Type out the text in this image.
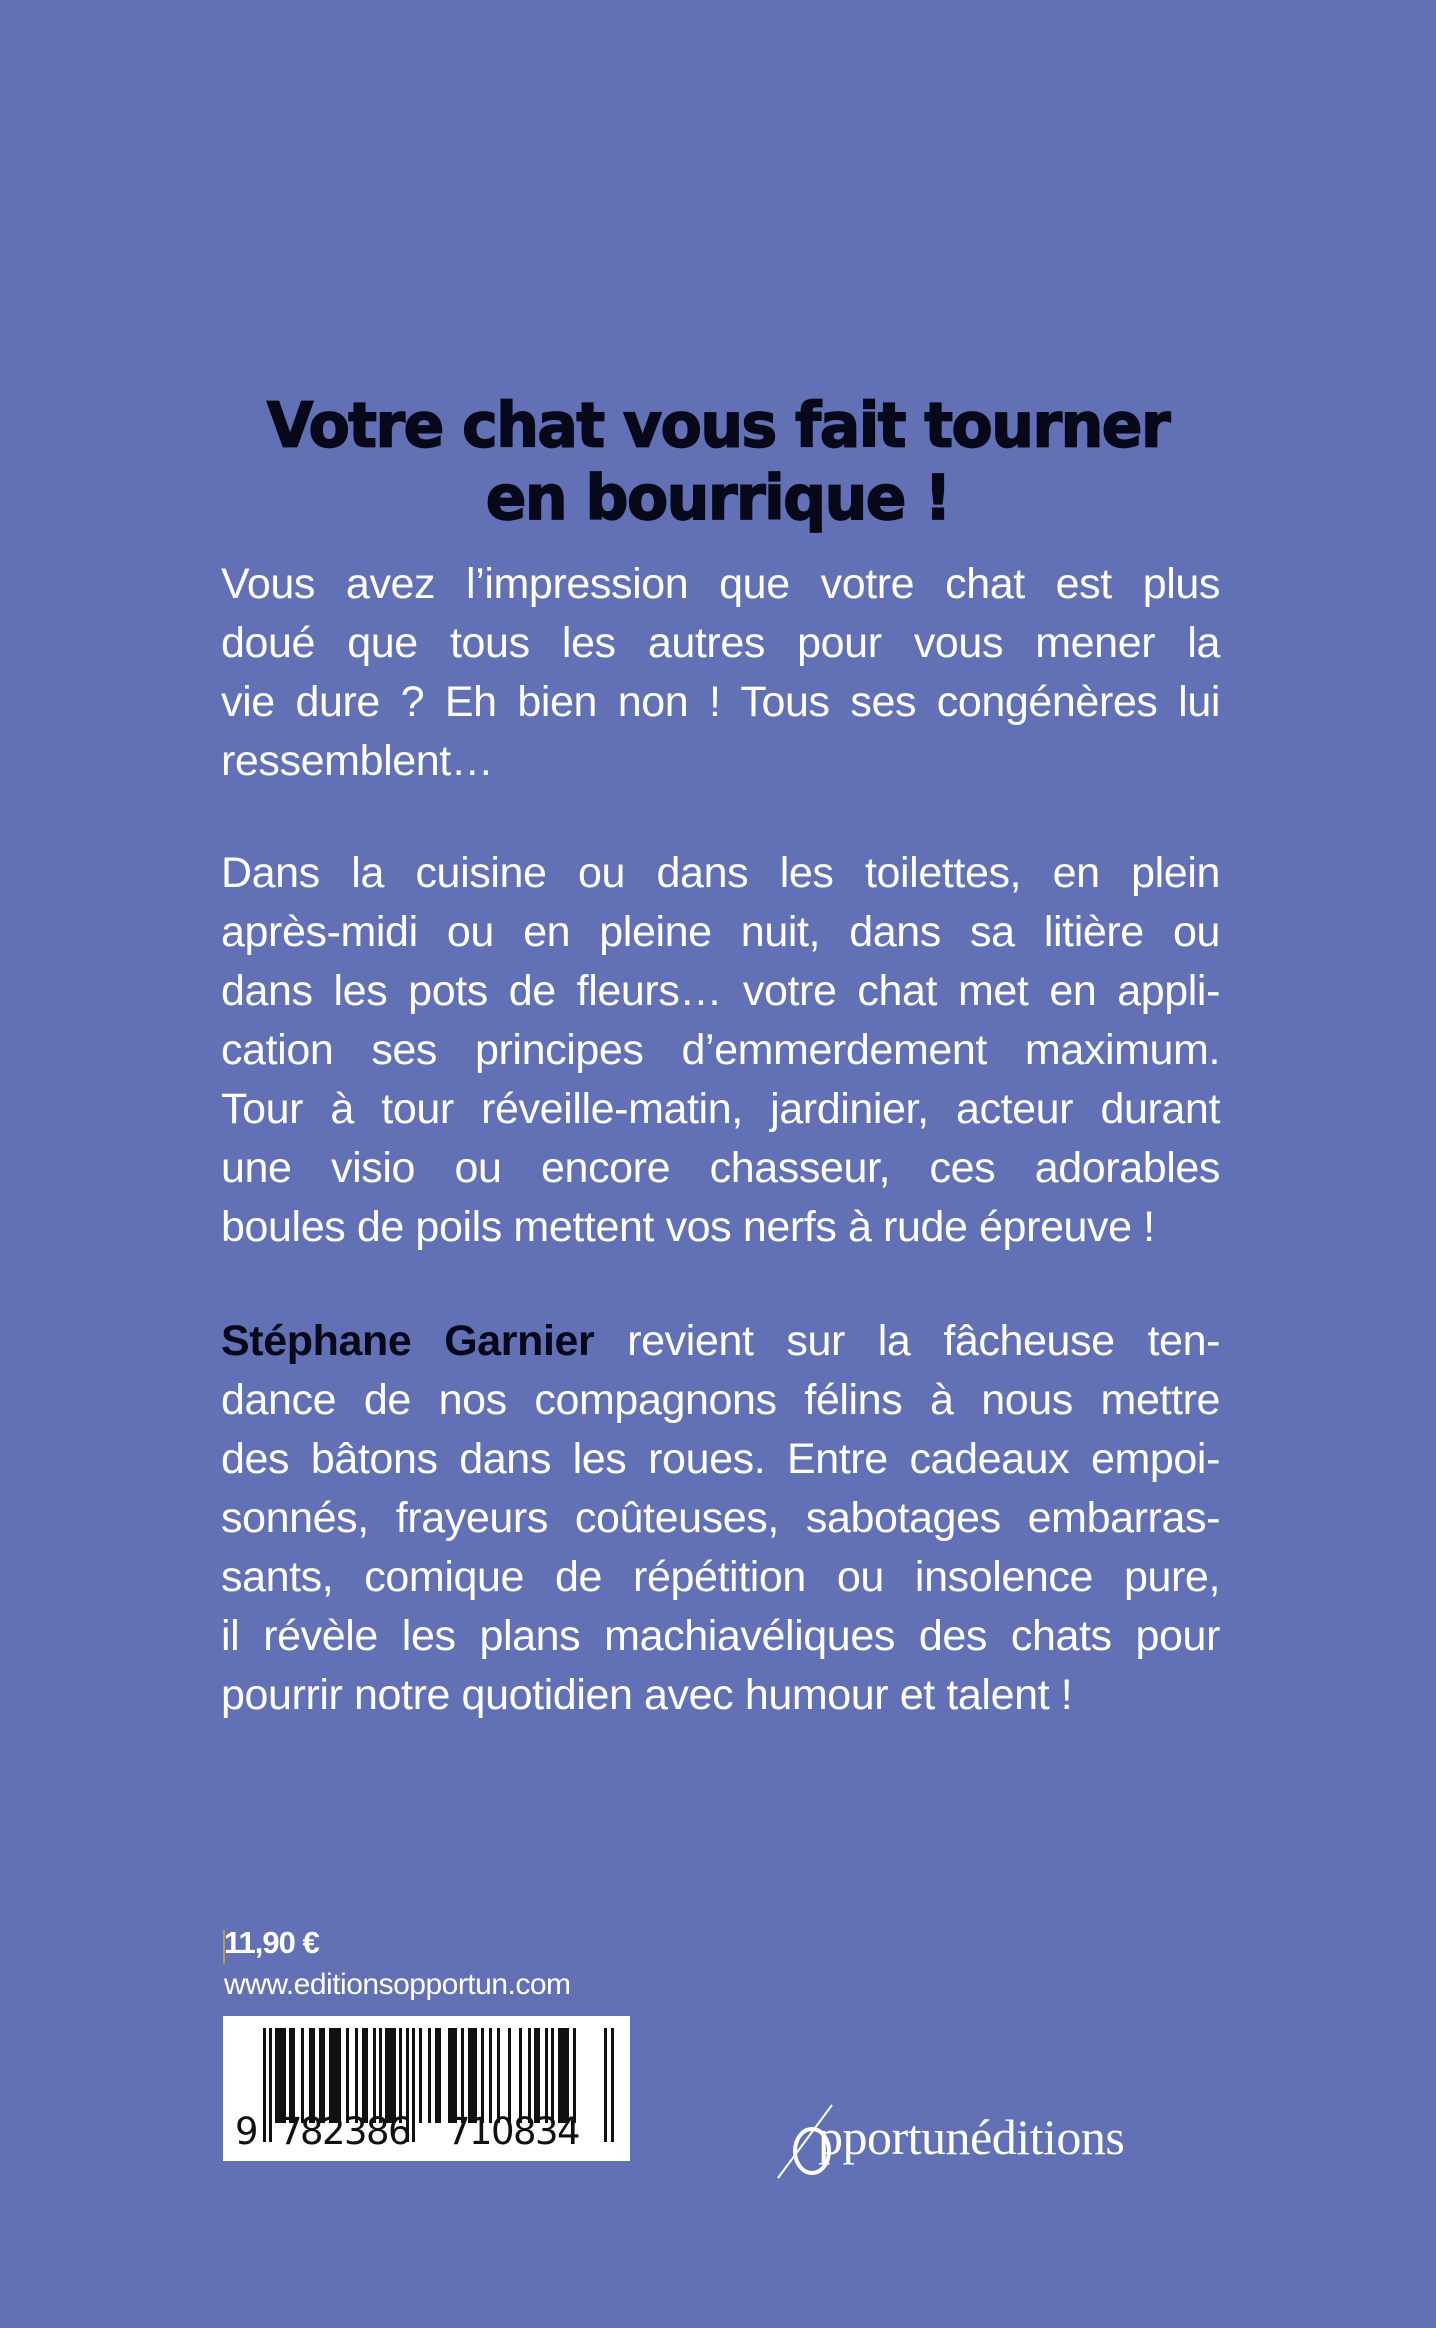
Votre chat vous fait tourner
en bourrique !
Vous avez l’impression que votre chat est plus
doué que tous les autres pour vous mener la
vie dure ? Eh bien non ! Tous ses congénères lui
ressemblent…
Dans la cuisine ou dans les toilettes, en plein
après-midi ou en pleine nuit, dans sa litière ou
dans les pots de fleurs… votre chat met en appli-
cation ses principes d’emmerdement maximum.
Tour à tour réveille-matin, jardinier, acteur durant
une visio ou encore chasseur, ces adorables
boules de poils mettent vos nerfs à rude épreuve !
Stéphane Garnier revient sur la fâcheuse ten-
dance de nos compagnons félins à nous mettre
des bâtons dans les roues. Entre cadeaux empoi-
sonnés, frayeurs coûteuses, sabotages embarras-
sants, comique de répétition ou insolence pure,
il révèle les plans machiavéliques des chats pour
pourrir notre quotidien avec humour et talent !
11,90 €
www.editionsopportun.com
9 7
8
2
3
8
6 7
1
0
8
3
4	pportunéditions
